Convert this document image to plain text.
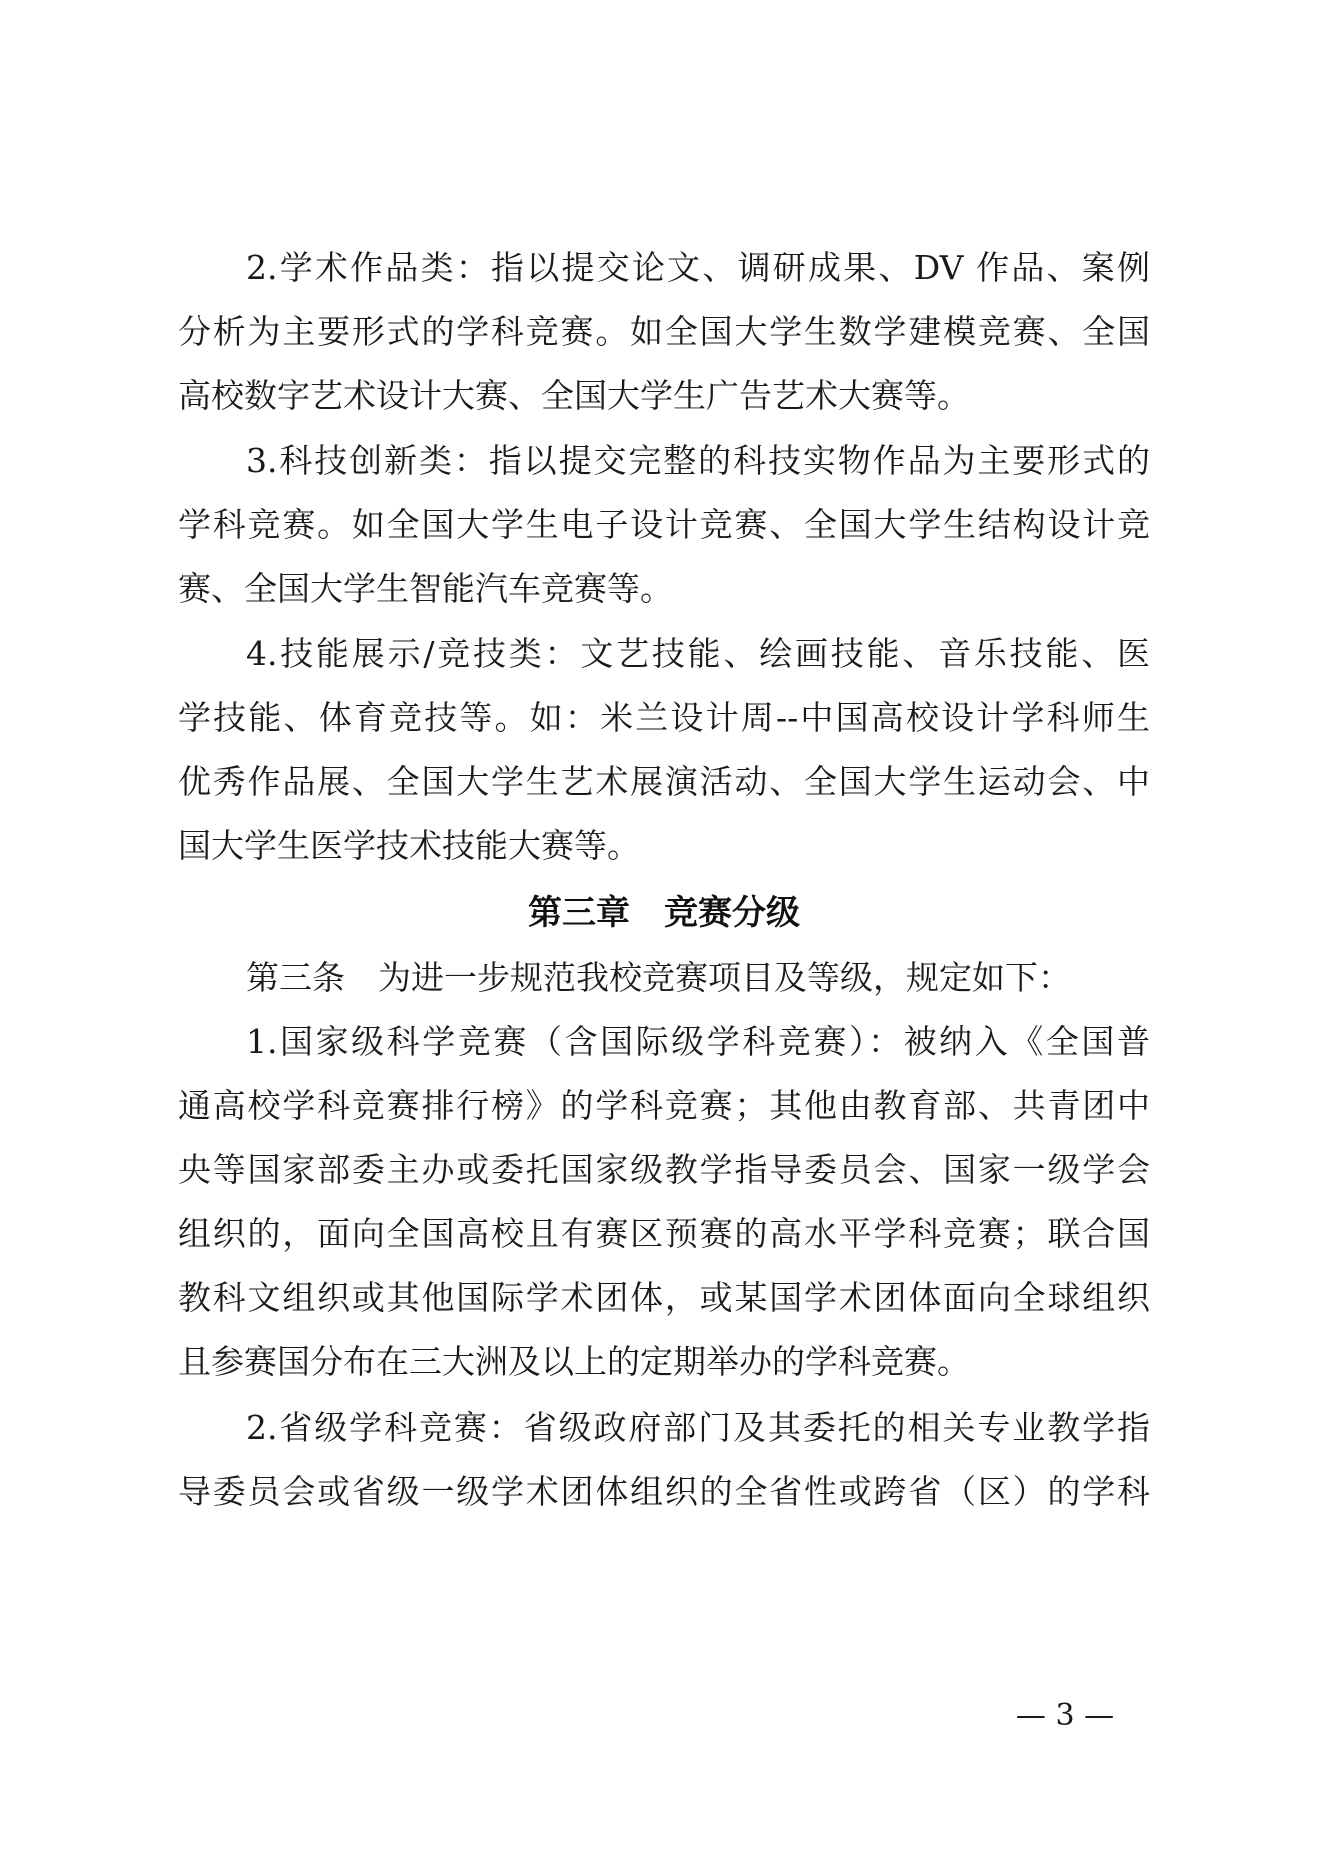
2.学术作品类：指以提交论文、调研成果、DV 作品、案例
分析为主要形式的学科竞赛。如全国大学生数学建模竞赛、全国
高校数字艺术设计大赛、全国大学生广告艺术大赛等。
3.科技创新类：指以提交完整的科技实物作品为主要形式的
学科竞赛。如全国大学生电子设计竞赛、全国大学生结构设计竞
赛、全国大学生智能汽车竞赛等。
4.技能展示/竞技类：文艺技能、绘画技能、音乐技能、医
学技能、体育竞技等。如：米兰设计周--中国高校设计学科师生
优秀作品展、全国大学生艺术展演活动、全国大学生运动会、中
国大学生医学技术技能大赛等。
第三章　竞赛分级
第三条　为进一步规范我校竞赛项目及等级，规定如下：
1.国家级科学竞赛（含国际级学科竞赛）：被纳入《全国普
通高校学科竞赛排行榜》的学科竞赛；其他由教育部、共青团中
央等国家部委主办或委托国家级教学指导委员会、国家一级学会
组织的，面向全国高校且有赛区预赛的高水平学科竞赛；联合国
教科文组织或其他国际学术团体，或某国学术团体面向全球组织
且参赛国分布在三大洲及以上的定期举办的学科竞赛。
2.省级学科竞赛：省级政府部门及其委托的相关专业教学指
导委员会或省级一级学术团体组织的全省性或跨省（区）的学科
— 3 —
